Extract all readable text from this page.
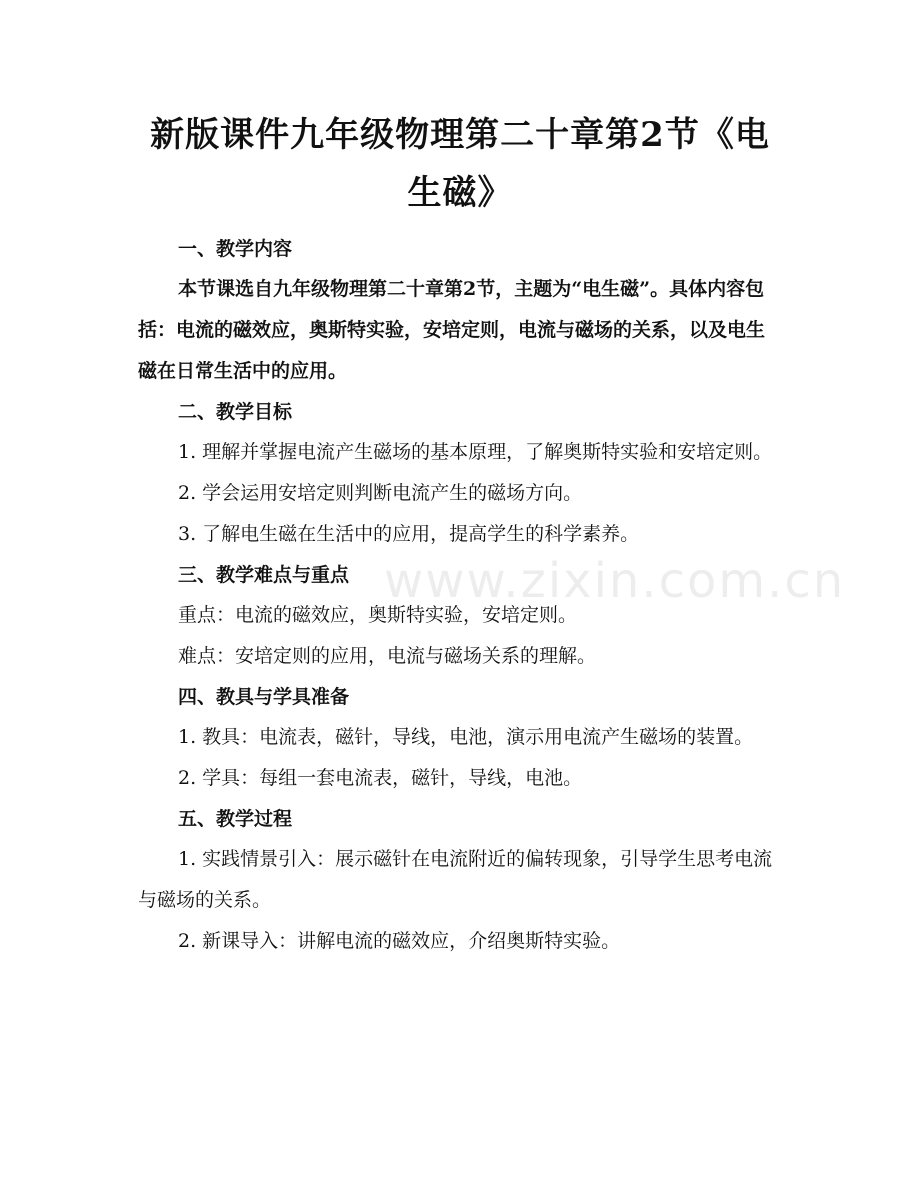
新版课件九年级物理第二十章第2节《电生磁》

一、教学内容

本节课选自九年级物理第二十章第2节，主题为“电生磁”。具体内容包括：电流的磁效应，奥斯特实验，安培定则，电流与磁场的关系，以及电生磁在日常生活中的应用。

二、教学目标

1. 理解并掌握电流产生磁场的基本原理，了解奥斯特实验和安培定则。

2. 学会运用安培定则判断电流产生的磁场方向。

3. 了解电生磁在生活中的应用，提高学生的科学素养。

三、教学难点与重点

重点：电流的磁效应，奥斯特实验，安培定则。

难点：安培定则的应用，电流与磁场关系的理解。

四、教具与学具准备

1. 教具：电流表，磁针，导线，电池，演示用电流产生磁场的装置。

2. 学具：每组一套电流表，磁针，导线，电池。

五、教学过程

1. 实践情景引入：展示磁针在电流附近的偏转现象，引导学生思考电流与磁场的关系。

2. 新课导入：讲解电流的磁效应，介绍奥斯特实验。

www.zixin.com.cn
